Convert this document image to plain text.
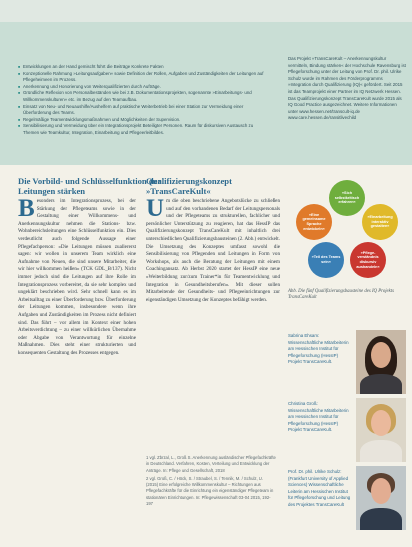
■ Entwicklungen an der Hand gemischt führt die Beiträge Konkrete Fakten
■ Konzeptionelle Rahmung »Leitungsaufgaben« sowie Definition der Rollen, Aufgaben und Zuständigkeiten der Leitungen auf Pflegeheimeen im Prozess.
■ Anerkennung und Honorierung von Weiterqualifizierten durch Aufträge.
■ Gründliche Reflexion von Personalbeständen wie bei z.B. Dokumentationsprojekten, sogenannte »Einarbeitungs- und Willkommenskulturen« etc. im Bezug auf den Teamaufbau.
■ Einsatz von Neu- und Neuaushilfe/Aushelfern auf praktische Weiterbetrieb bei einer Station zur Vermeidung einer Überforderung des Teams.
■ Regelmäßige Teamentwicklungsmaßnahmen und Möglichkeiten der Supervision.
■ Sensibilisierung und Vermeidung über ein Integrationsprojekt Beteiligter Personen. Raum für diskursiven Austausch zu Themen wie Teamkultur, Integration, Einarbeitung und Pflegeerleitbildes.
Das Projekt »TransCareKult – Anerkennungskultur vermitteln, Bindung stärken« der Hochschule Ravensburg ist Pflegeforschung unter der Leitung von Prof. Dr. phil. Ulrike Schulz wurde im Rahmen des Förderprogramms »Integration durch Qualifizierung (IQ)« gefördert. Seit 2015 ist das Teamprojekt einer Partner im IQ Netzwerk Hessen. Das Qualifizierungskonzept TransCareKult wurde 2015 als IQ Good Practice ausgezeichnet. Weitere Informationen unter www.hessen.net/transcult-iq.de www.care.hessen.de/ransitlivechild
Die Vorbild- und Schlüsselfunktion der Leitungen stärken
Qualifizierungskonzept »TransCareKult«
Besonders im Integrationsprozess, bei der Stärkung der Pflegeteams sowie in der Gestaltung einer Willkommens- und Anerkennungskultur nehmen die Stations- bzw. Wohnbereichsleitungen eine Schlüsselfunktion ein. Dies verdeutlicht auch folgende Aussage einer Pflegefachperson: »Die Leitungen müssen zuallererst sagen: wir wollen in unserem Team wirklich eine Aufnahme von Neuen, die sind unsere Mitarbeiter, die wir hier willkommen heißen« (TCK GDL_B/137). Nicht immer jedoch sind die Leitungen auf ihre Rolle im Integrationsprozess vorbereitet, da sie sehr komplex und ungeklärt beschrieben wird. Sehr schnell kann es im Arbeitsalltag zu einer Überforderung bzw. Überforderung der Leitungen kommen, insbesondere wenn ihre Aufgaben und Zuständigkeiten im Prozess nicht definiert sind. Das führt – vor allem im Kontext einer hohen Arbeitsverdichtung – zu einer willkürlichen Übernahme oder Abgabe von Verantwortung für einzelne Maßnahmen. Dies steht einer strukturierten und konsequenten Gestaltung des Prozesses entgegen.
Um die oben beschriebene Angebotslücke zu schließen und auf den vorhandenen Bedarf der Leitungspersonals und der Pflegeteams zu strukturellen, fachlicher und persönlicher Unterstützung zu reagieren, hat das HessIP das Qualifizierungskonzept TransCareKult mit inhaltlich drei unterschiedlichen Qualifizierungsbausteinen (2. Abb.) entwickelt. Die Umsetzung des Konzeptes umfasst sowohl die Sensibilisierung von Pflegenden und Leitungen in Form von Workshops, als auch die Beratung der Leitungen mit einem Coachingansatz. Ab Herbst 2020 startet der HessIP eine neue »Weiterbildung zur/zum Trainer*in für Teamentwicklung und Integration in Gesundheitsberufen«. Mit dieser sollen Mitarbeitende der Gesundheits- und Pflegeeinrichtungen zur eigenständigen Umsetzung der Konzeptes befähigt werden.

1 vgl. Zbrzal, L., Groß S. Anerkennung ausländischer Pflegefachkräfte in Deutschland. Verfahren, Kosten, Verteilung und Entwicklung der Anträge. In: Pflege und Gesellschaft, 2018

2 vgl. Groß, C. / Höck, S. / Straubel, S. / Tennik, M. / Schulz, U. (2015) Eine erfolgreiche Willkommenskultur – Richtungen aus Pflegefachkräfte für die Einrichtung ein eigenständiger Pflegeteam in stationären Einrichtungen. In: Pflegewissenschaft 03-04 2015, 192-197

»Sich selbstkritisch erfahren«
»Eine gemeinsame Sprache entwickeln«
»Einarbeitung interaktiv gestalten«
»Teil des Teams sein«
»Pflege- verständnis diskursiv aushandeln«
Abb. Die fünf Qualifizierungsbausteine des IQ Projekts TransCareKult
Sabrina Ehsam: Wissenschaftliche Mitarbeiterin am Hessischen Institut für Pflegeforschung (HessIP) Projekt TransCareKult.
Christina Groß: Wissenschaftliche Mitarbeiterin am Hessischen Institut für Pflegeforschung (HessIP) Projekt TransCareKult.
Prof. Dr. phil. Ulrike Schulz: (Frankfurt University of Applied Sciences) Wissenschaftliche Leiterin am Hessischen Institut für Pflegeforschung und Leitung des Projektes TransCareKult
